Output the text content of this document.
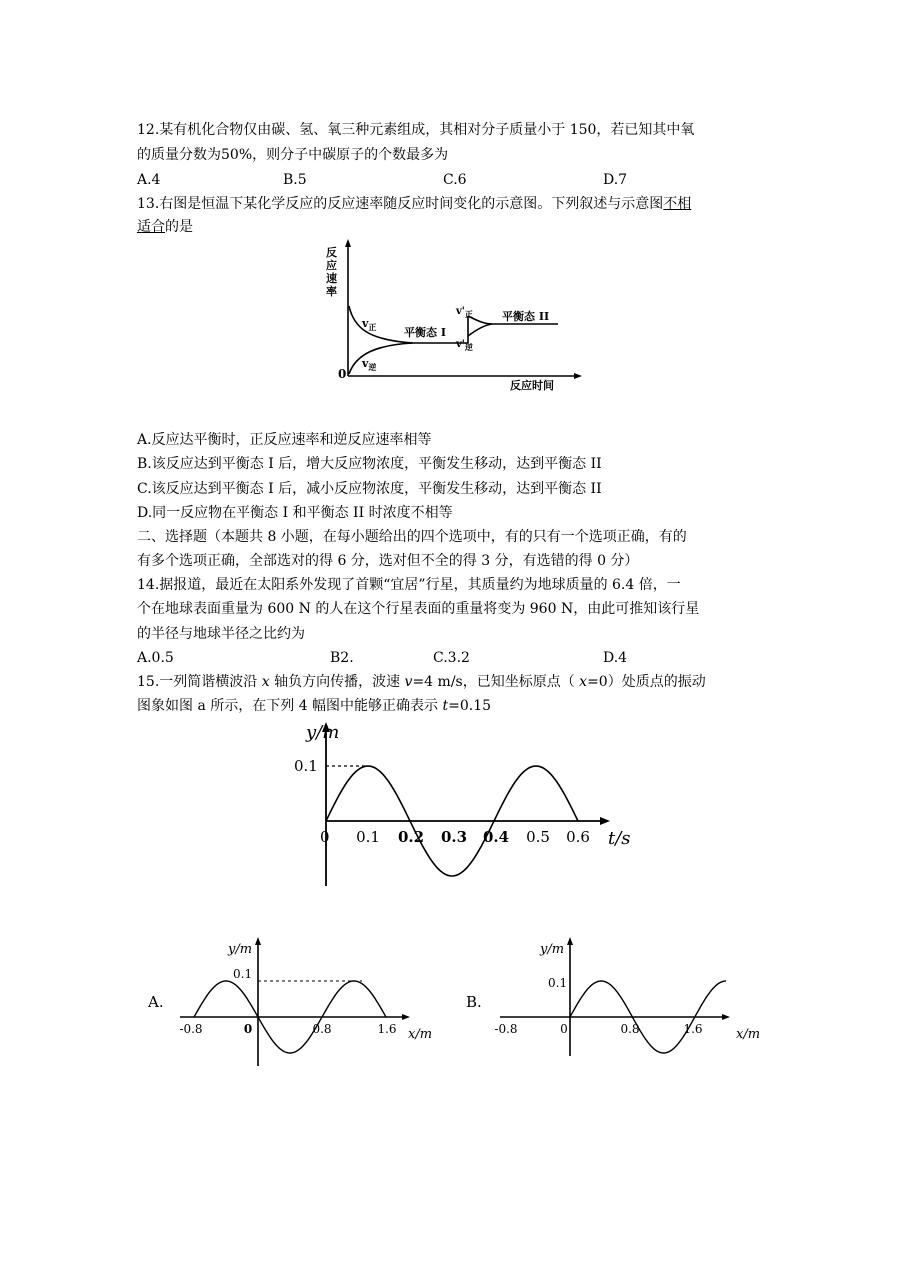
12.某有机化合物仅由碳、氢、氧三种元素组成，其相对分子质量小于 150，若已知其中氧
的质量分数为50%，则分子中碳原子的个数最多为
A.4	B.5	C.6	D.7
13.右图是恒温下某化学反应的反应速率随反应时间变化的示意图。下列叙述与示意图不相
适合的是
反
应
速
率
0
反应时间
$v_正$
$v_逆$
平衡态 I
$v'_正$
$v'_逆$
平衡态 II
A.反应达平衡时，正反应速率和逆反应速率相等
B.该反应达到平衡态 I 后，增大反应物浓度，平衡发生移动，达到平衡态 II
C.该反应达到平衡态 I 后，减小反应物浓度，平衡发生移动，达到平衡态 II
D.同一反应物在平衡态 I 和平衡态 II 时浓度不相等
二、选择题（本题共 8 小题，在每小题给出的四个选项中，有的只有一个选项正确，有的
有多个选项正确，全部选对的得 6 分，选对但不全的得 3 分，有选错的得 0 分）
14.据报道，最近在太阳系外发现了首颗“宜居”行星，其质量约为地球质量的 6.4 倍，一
个在地球表面重量为 600 N 的人在这个行星表面的重量将变为 960 N，由此可推知该行星
的半径与地球半径之比约为
A.0.5	B2.	C.3.2	D.4
15.一列简谐横波沿 x 轴负方向传播，波速 v=4 m/s，已知坐标原点（ x=0）处质点的振动
图象如图 a 所示，在下列 4 幅图中能够正确表示 t=0.15
y/m
t/s
0.1
0 0.1 0.2 0.3 0.4 0.5 0.6
A.
y/m
x/m
0.1
-0.8	0	0.8	1.6
B.
y/m
x/m
0.1
-0.8	0	0.8	1.6
